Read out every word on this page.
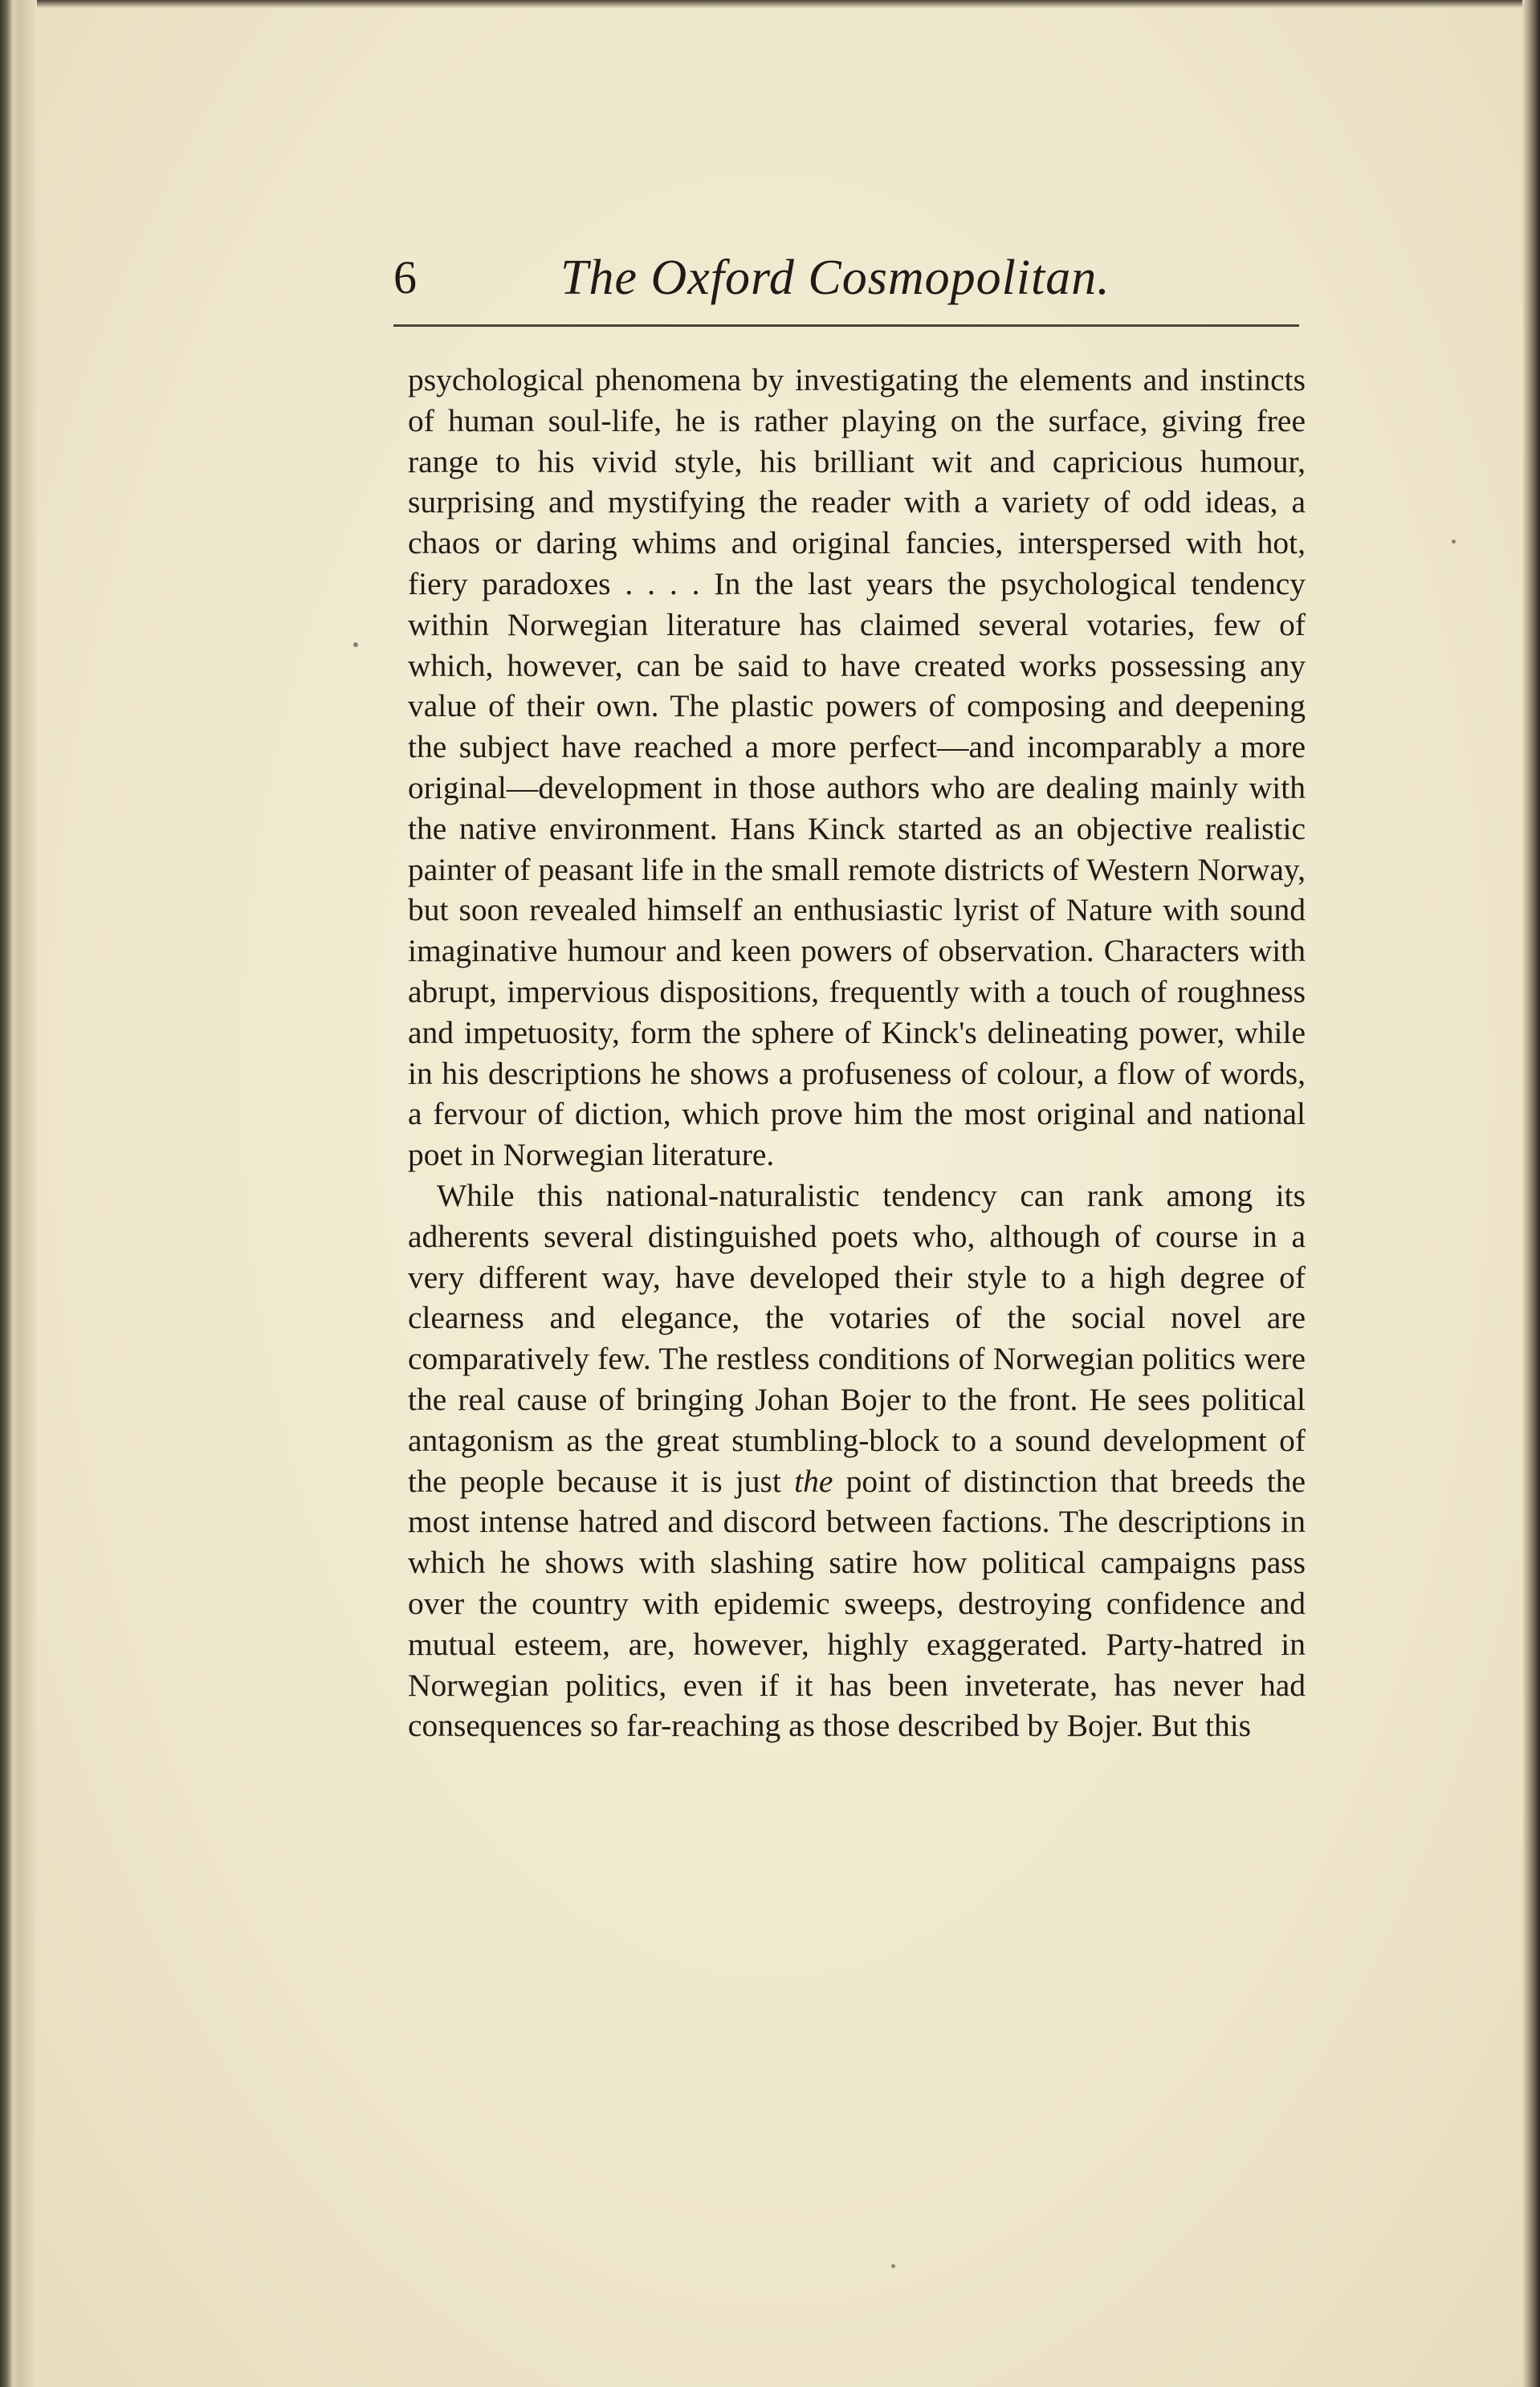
6	The Oxford Cosmopolitan.

psychological phenomena by investigating the elements and instincts of human soul-life, he is rather playing on the surface, giving free range to his vivid style, his brilliant wit and capricious humour, surprising and mystifying the reader with a variety of odd ideas, a chaos or daring whims and original fancies, interspersed with hot, fiery paradoxes . . . . In the last years the psychological tendency within Norwegian literature has claimed several votaries, few of which, however, can be said to have created works possessing any value of their own. The plastic powers of composing and deepening the subject have reached a more perfect—and incomparably a more original—development in those authors who are dealing mainly with the native environment. Hans Kinck started as an objective realistic painter of peasant life in the small remote districts of Western Norway, but soon revealed himself an enthusiastic lyrist of Nature with sound imaginative humour and keen powers of observation. Characters with abrupt, impervious dispositions, frequently with a touch of roughness and impetuosity, form the sphere of Kinck's delineating power, while in his descriptions he shows a profuseness of colour, a flow of words, a fervour of diction, which prove him the most original and national poet in Norwegian literature.

While this national-naturalistic tendency can rank among its adherents several distinguished poets who, although of course in a very different way, have developed their style to a high degree of clearness and elegance, the votaries of the social novel are comparatively few. The restless conditions of Norwegian politics were the real cause of bringing Johan Bojer to the front. He sees political antagonism as the great stumbling-block to a sound development of the people because it is just the point of distinction that breeds the most intense hatred and discord between factions. The descriptions in which he shows with slashing satire how political campaigns pass over the country with epidemic sweeps, destroying confidence and mutual esteem, are, however, highly exaggerated. Party-hatred in Norwegian politics, even if it has been inveterate, has never had consequences so far-reaching as those described by Bojer. But this
